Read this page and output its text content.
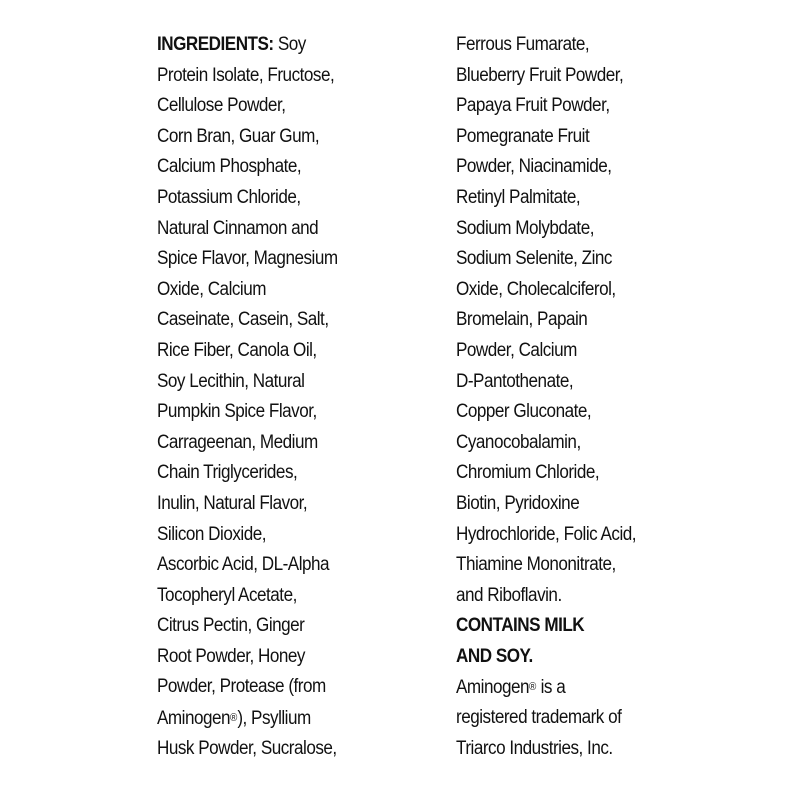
INGREDIENTS: Soy
Protein Isolate, Fructose,
Cellulose Powder,
Corn Bran, Guar Gum,
Calcium Phosphate,
Potassium Chloride,
Natural Cinnamon and
Spice Flavor, Magnesium
Oxide, Calcium
Caseinate, Casein, Salt,
Rice Fiber, Canola Oil,
Soy Lecithin, Natural
Pumpkin Spice Flavor,
Carrageenan, Medium
Chain Triglycerides,
Inulin, Natural Flavor,
Silicon Dioxide,
Ascorbic Acid, DL-Alpha
Tocopheryl Acetate,
Citrus Pectin, Ginger
Root Powder, Honey
Powder, Protease (from
Aminogen®), Psyllium
Husk Powder, Sucralose,
Ferrous Fumarate,
Blueberry Fruit Powder,
Papaya Fruit Powder,
Pomegranate Fruit
Powder, Niacinamide,
Retinyl Palmitate,
Sodium Molybdate,
Sodium Selenite, Zinc
Oxide, Cholecalciferol,
Bromelain, Papain
Powder, Calcium
D-Pantothenate,
Copper Gluconate,
Cyanocobalamin,
Chromium Chloride,
Biotin, Pyridoxine
Hydrochloride, Folic Acid,
Thiamine Mononitrate,
and Riboflavin.
CONTAINS MILK
AND SOY.
Aminogen® is a
registered trademark of
Triarco Industries, Inc.
